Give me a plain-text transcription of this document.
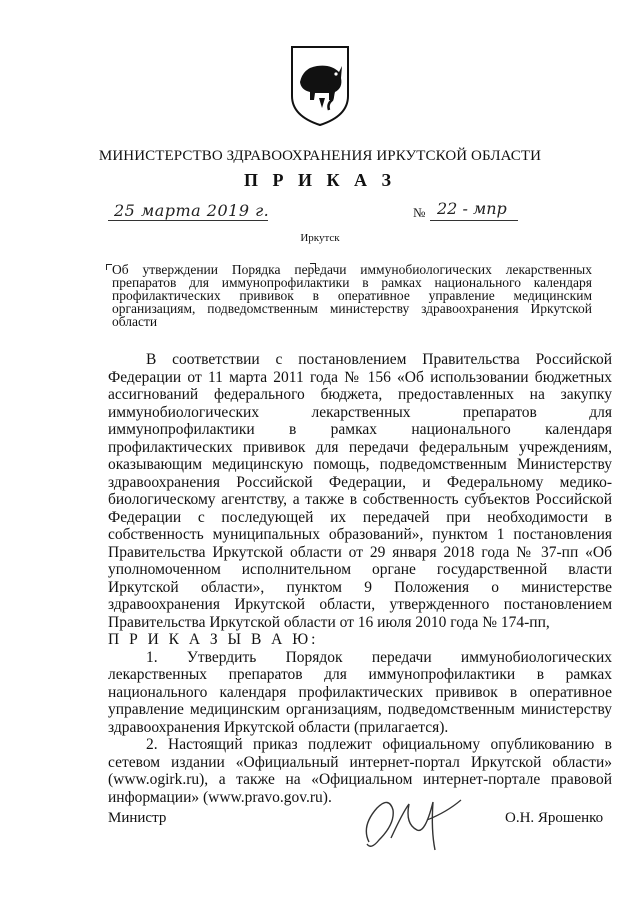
МИНИСТЕРСТВО ЗДРАВООХРАНЕНИЯ ИРКУТСКОЙ ОБЛАСТИ
П Р И К А З
25 марта 2019 г.	№ 22 - мпр
Иркутск
Об утверждении Порядка передачи иммунобиологических лекарственных препаратов для иммунопрофилактики в рамках национального календаря профилактических прививок в оперативное управление медицинским организациям, подведомственным министерству здравоохранения Иркутской области

В соответствии с постановлением Правительства Российской Федерации от 11 марта 2011 года № 156 «Об использовании бюджетных ассигнований федерального бюджета, предоставленных на закупку иммунобиологических лекарственных препаратов для иммунопрофилактики в рамках национального календаря профилактических прививок для передачи федеральным учреждениям, оказывающим медицинскую помощь, подведомственным Министерству здравоохранения Российской Федерации, и Федеральному медико-биологическому агентству, а также в собственность субъектов Российской Федерации с последующей их передачей при необходимости в собственность муниципальных образований», пунктом 1 постановления Правительства Иркутской области от 29 января 2018 года № 37-пп «Об уполномоченном исполнительном органе государственной власти Иркутской области», пунктом 9 Положения о министерстве здравоохранения Иркутской области, утвержденного постановлением Правительства Иркутской области от 16 июля 2010 года № 174-пп,

П Р И К А З Ы В А Ю:

1. Утвердить Порядок передачи иммунобиологических лекарственных препаратов для иммунопрофилактики в рамках национального календаря профилактических прививок в оперативное управление медицинским организациям, подведомственным министерству здравоохранения Иркутской области (прилагается).

2. Настоящий приказ подлежит официальному опубликованию в сетевом издании «Официальный интернет-портал Иркутской области» (www.ogirk.ru), а также на «Официальном интернет-портале правовой информации» (www.pravo.gov.ru).

Министр	О.Н. Ярошенко
